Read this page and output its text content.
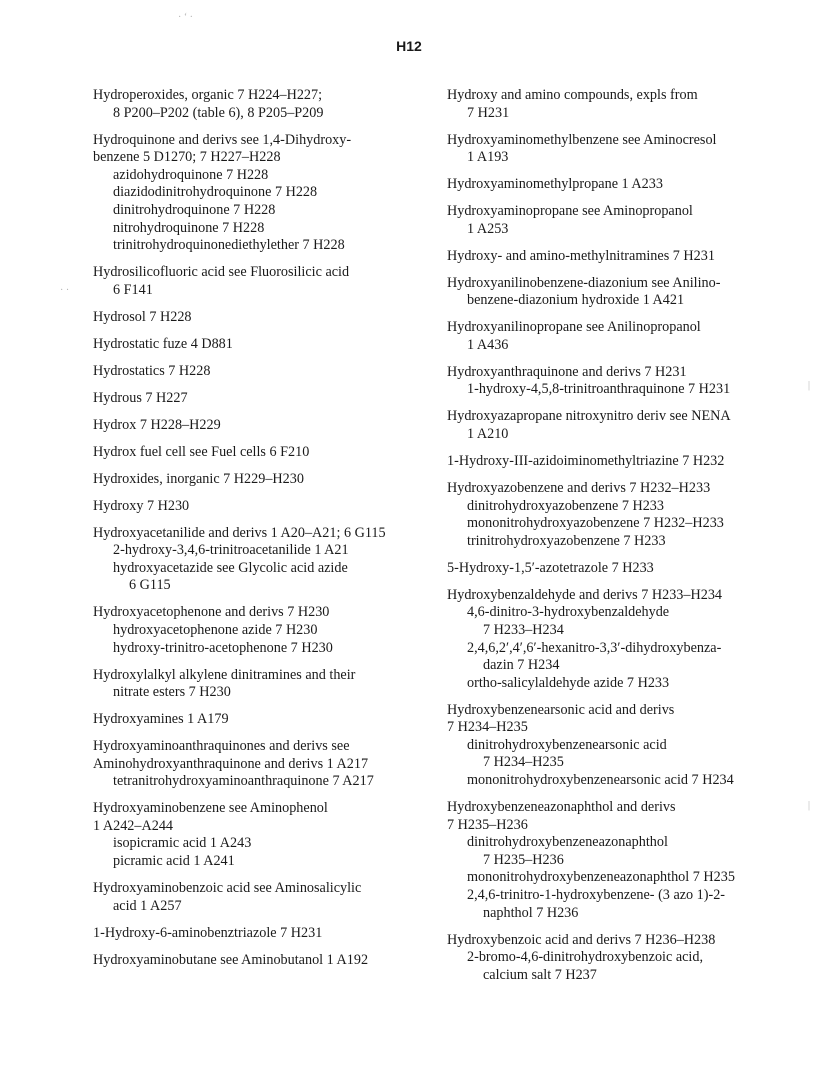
H12
Hydroperoxides, organic 7 H224–H227;
8 P200–P202 (table 6), 8 P205–P209
Hydroquinone and derivs see 1,4-Dihydroxy-
benzene 5 D1270; 7 H227–H228
azidohydroquinone 7 H228
diazidodinitrohydroquinone 7 H228
dinitrohydroquinone 7 H228
nitrohydroquinone 7 H228
trinitrohydroquinonediethylether 7 H228
Hydrosilicofluoric acid see Fluorosilicic acid
6 F141
Hydrosol 7 H228
Hydrostatic fuze 4 D881
Hydrostatics 7 H228
Hydrous 7 H227
Hydrox 7 H228–H229
Hydrox fuel cell see Fuel cells 6 F210
Hydroxides, inorganic 7 H229–H230
Hydroxy 7 H230
Hydroxyacetanilide and derivs 1 A20–A21; 6 G115
2-hydroxy-3,4,6-trinitroacetanilide 1 A21
hydroxyacetazide see Glycolic acid azide
6 G115
Hydroxyacetophenone and derivs 7 H230
hydroxyacetophenone azide 7 H230
hydroxy-trinitro-acetophenone 7 H230
Hydroxylalkyl alkylene dinitramines and their
nitrate esters 7 H230
Hydroxyamines 1 A179
Hydroxyaminoanthraquinones and derivs see
Aminohydroxyanthraquinone and derivs 1 A217
tetranitrohydroxyaminoanthraquinone 7 A217
Hydroxyaminobenzene see Aminophenol
1 A242–A244
isopicramic acid 1 A243
picramic acid 1 A241
Hydroxyaminobenzoic acid see Aminosalicylic
acid 1 A257
1-Hydroxy-6-aminobenztriazole 7 H231
Hydroxyaminobutane see Aminobutanol 1 A192
Hydroxy and amino compounds, expls from
7 H231
Hydroxyaminomethylbenzene see Aminocresol
1 A193
Hydroxyaminomethylpropane 1 A233
Hydroxyaminopropane see Aminopropanol
1 A253
Hydroxy- and amino-methylnitramines 7 H231
Hydroxyanilinobenzene-diazonium see Anilino-
benzene-diazonium hydroxide 1 A421
Hydroxyanilinopropane see Anilinopropanol
1 A436
Hydroxyanthraquinone and derivs 7 H231
1-hydroxy-4,5,8-trinitroanthraquinone 7 H231
Hydroxyazapropane nitroxynitro deriv see NENA
1 A210
1-Hydroxy-III-azidoiminomethyltriazine 7 H232
Hydroxyazobenzene and derivs 7 H232–H233
dinitrohydroxyazobenzene 7 H233
mononitrohydroxyazobenzene 7 H232–H233
trinitrohydroxyazobenzene 7 H233
5-Hydroxy-1,5′-azotetrazole 7 H233
Hydroxybenzaldehyde and derivs 7 H233–H234
4,6-dinitro-3-hydroxybenzaldehyde
7 H233–H234
2,4,6,2′,4′,6′-hexanitro-3,3′-dihydroxybenza-
dazin 7 H234
ortho-salicylaldehyde azide 7 H233
Hydroxybenzenearsonic acid and derivs
7 H234–H235
dinitrohydroxybenzenearsonic acid
7 H234–H235
mononitrohydroxybenzenearsonic acid 7 H234
Hydroxybenzeneazonaphthol and derivs
7 H235–H236
dinitrohydroxybenzeneazonaphthol
7 H235–H236
mononitrohydroxybenzeneazonaphthol 7 H235
2,4,6-trinitro-1-hydroxybenzene- (3 azo 1)-2-
naphthol 7 H236
Hydroxybenzoic acid and derivs 7 H236–H238
2-bromo-4,6-dinitrohydroxybenzoic acid,
calcium salt 7 H237
· ʻ ·
· ·
|
|
